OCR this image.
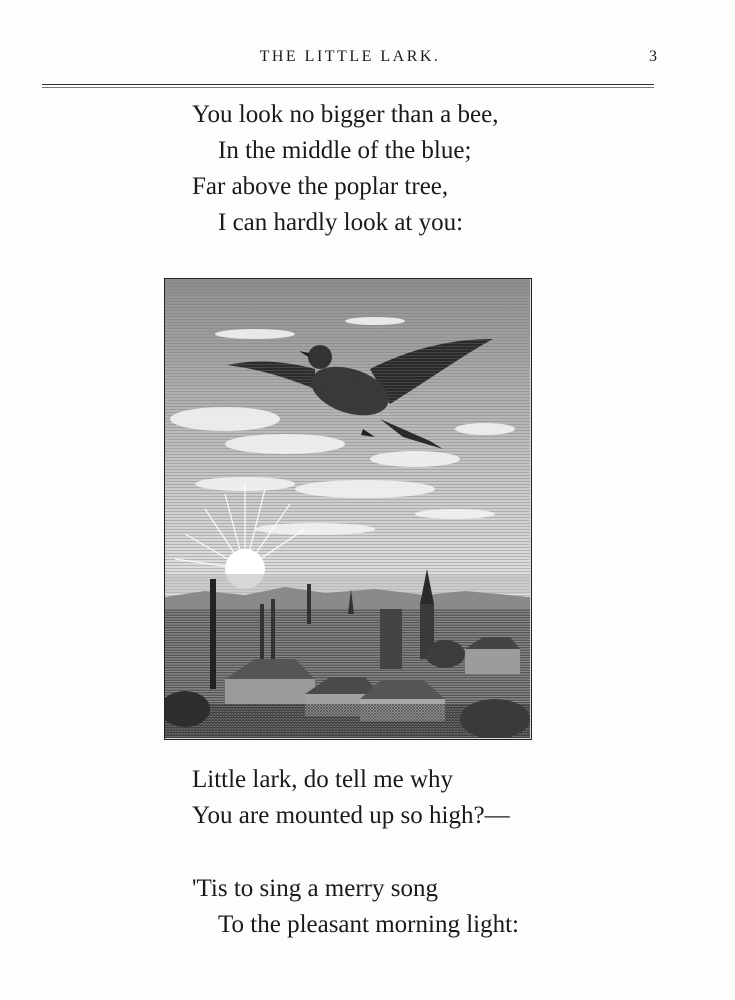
THE LITTLE LARK.	3
You look no bigger than a bee,
In the middle of the blue;
Far above the poplar tree,
I can hardly look at you:
Little lark, do tell me why
You are mounted up so high?—
'Tis to sing a merry song
To the pleasant morning light:
